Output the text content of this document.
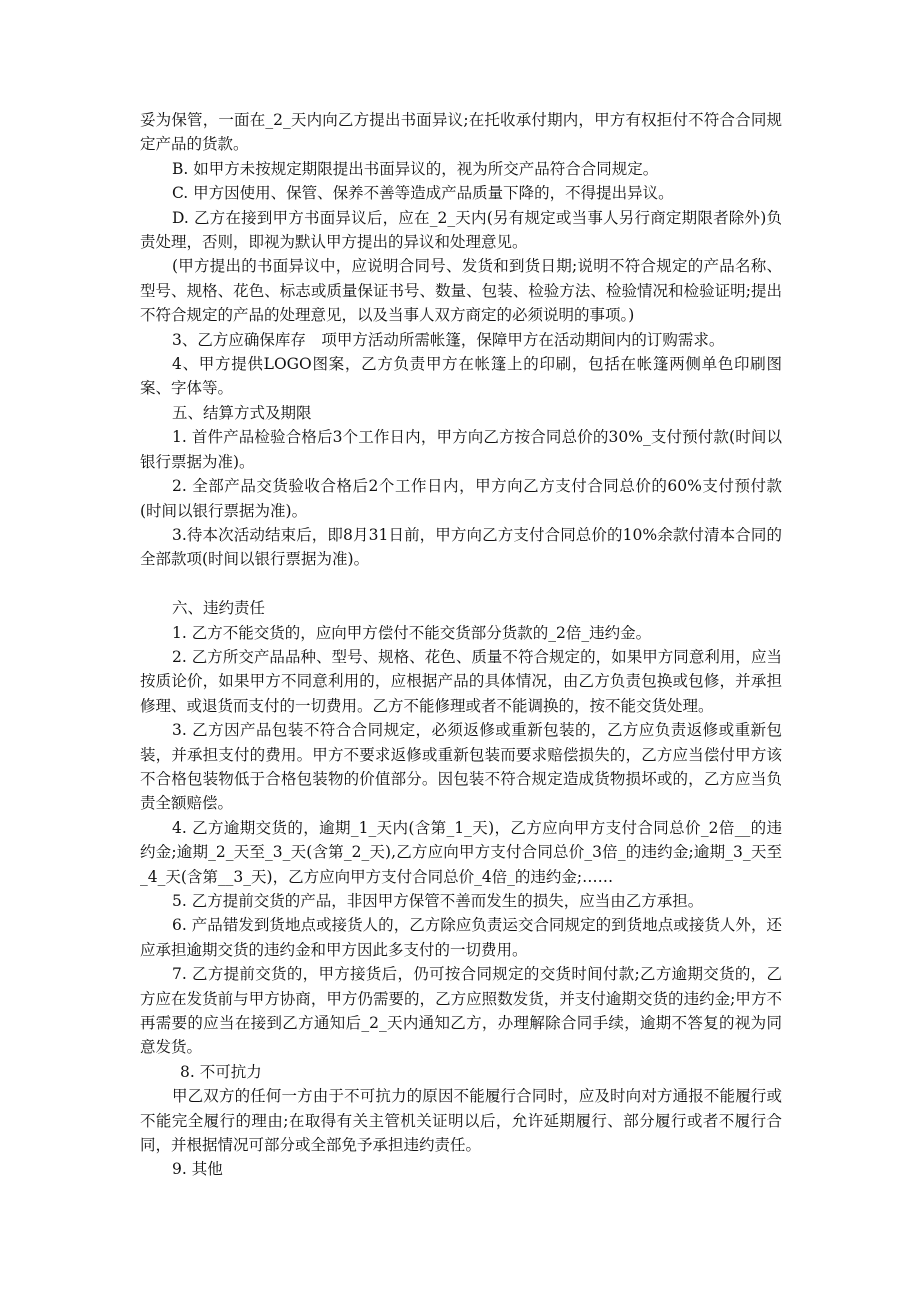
妥为保管，一面在_2_天内向乙方提出书面异议;在托收承付期内，甲方有权拒付不符合合同规定产品的货款。

B. 如甲方未按规定期限提出书面异议的，视为所交产品符合合同规定。

C. 甲方因使用、保管、保养不善等造成产品质量下降的，不得提出异议。

D. 乙方在接到甲方书面异议后，应在_2_天内(另有规定或当事人另行商定期限者除外)负责处理，否则，即视为默认甲方提出的异议和处理意见。

(甲方提出的书面异议中，应说明合同号、发货和到货日期;说明不符合规定的产品名称、型号、规格、花色、标志或质量保证书号、数量、包装、检验方法、检验情况和检验证明;提出不符合规定的产品的处理意见，以及当事人双方商定的必须说明的事项。)

3、乙方应确保库存　项甲方活动所需帐篷，保障甲方在活动期间内的订购需求。

4、甲方提供LOGO图案，乙方负责甲方在帐篷上的印刷，包括在帐篷两侧单色印刷图案、字体等。

五、结算方式及期限

1. 首件产品检验合格后3个工作日内，甲方向乙方按合同总价的30%_支付预付款(时间以银行票据为准)。

2. 全部产品交货验收合格后2个工作日内，甲方向乙方支付合同总价的60%支付预付款(时间以银行票据为准)。

3.待本次活动结束后，即8月31日前，甲方向乙方支付合同总价的10%余款付清本合同的全部款项(时间以银行票据为准)。

六、违约责任

1. 乙方不能交货的，应向甲方偿付不能交货部分货款的_2倍_违约金。

2. 乙方所交产品品种、型号、规格、花色、质量不符合规定的，如果甲方同意利用，应当按质论价，如果甲方不同意利用的，应根据产品的具体情况，由乙方负责包换或包修，并承担修理、或退货而支付的一切费用。乙方不能修理或者不能调换的，按不能交货处理。

3. 乙方因产品包装不符合合同规定，必须返修或重新包装的，乙方应负责返修或重新包装，并承担支付的费用。甲方不要求返修或重新包装而要求赔偿损失的，乙方应当偿付甲方该不合格包装物低于合格包装物的价值部分。因包装不符合规定造成货物损坏或的，乙方应当负责全额赔偿。

4. 乙方逾期交货的，逾期_1_天内(含第_1_天)，乙方应向甲方支付合同总价_2倍__的违约金;逾期_2_天至_3_天(含第_2_天),乙方应向甲方支付合同总价_3倍_的违约金;逾期_3_天至_4_天(含第__3_天)，乙方应向甲方支付合同总价_4倍_的违约金;……

5. 乙方提前交货的产品，非因甲方保管不善而发生的损失，应当由乙方承担。

6. 产品错发到货地点或接货人的，乙方除应负责运交合同规定的到货地点或接货人外，还应承担逾期交货的违约金和甲方因此多支付的一切费用。

7. 乙方提前交货的，甲方接货后，仍可按合同规定的交货时间付款;乙方逾期交货的，乙方应在发货前与甲方协商，甲方仍需要的，乙方应照数发货，并支付逾期交货的违约金;甲方不再需要的应当在接到乙方通知后_2_天内通知乙方，办理解除合同手续，逾期不答复的视为同意发货。

8. 不可抗力

甲乙双方的任何一方由于不可抗力的原因不能履行合同时，应及时向对方通报不能履行或不能完全履行的理由;在取得有关主管机关证明以后，允许延期履行、部分履行或者不履行合同，并根据情况可部分或全部免予承担违约责任。

9. 其他
